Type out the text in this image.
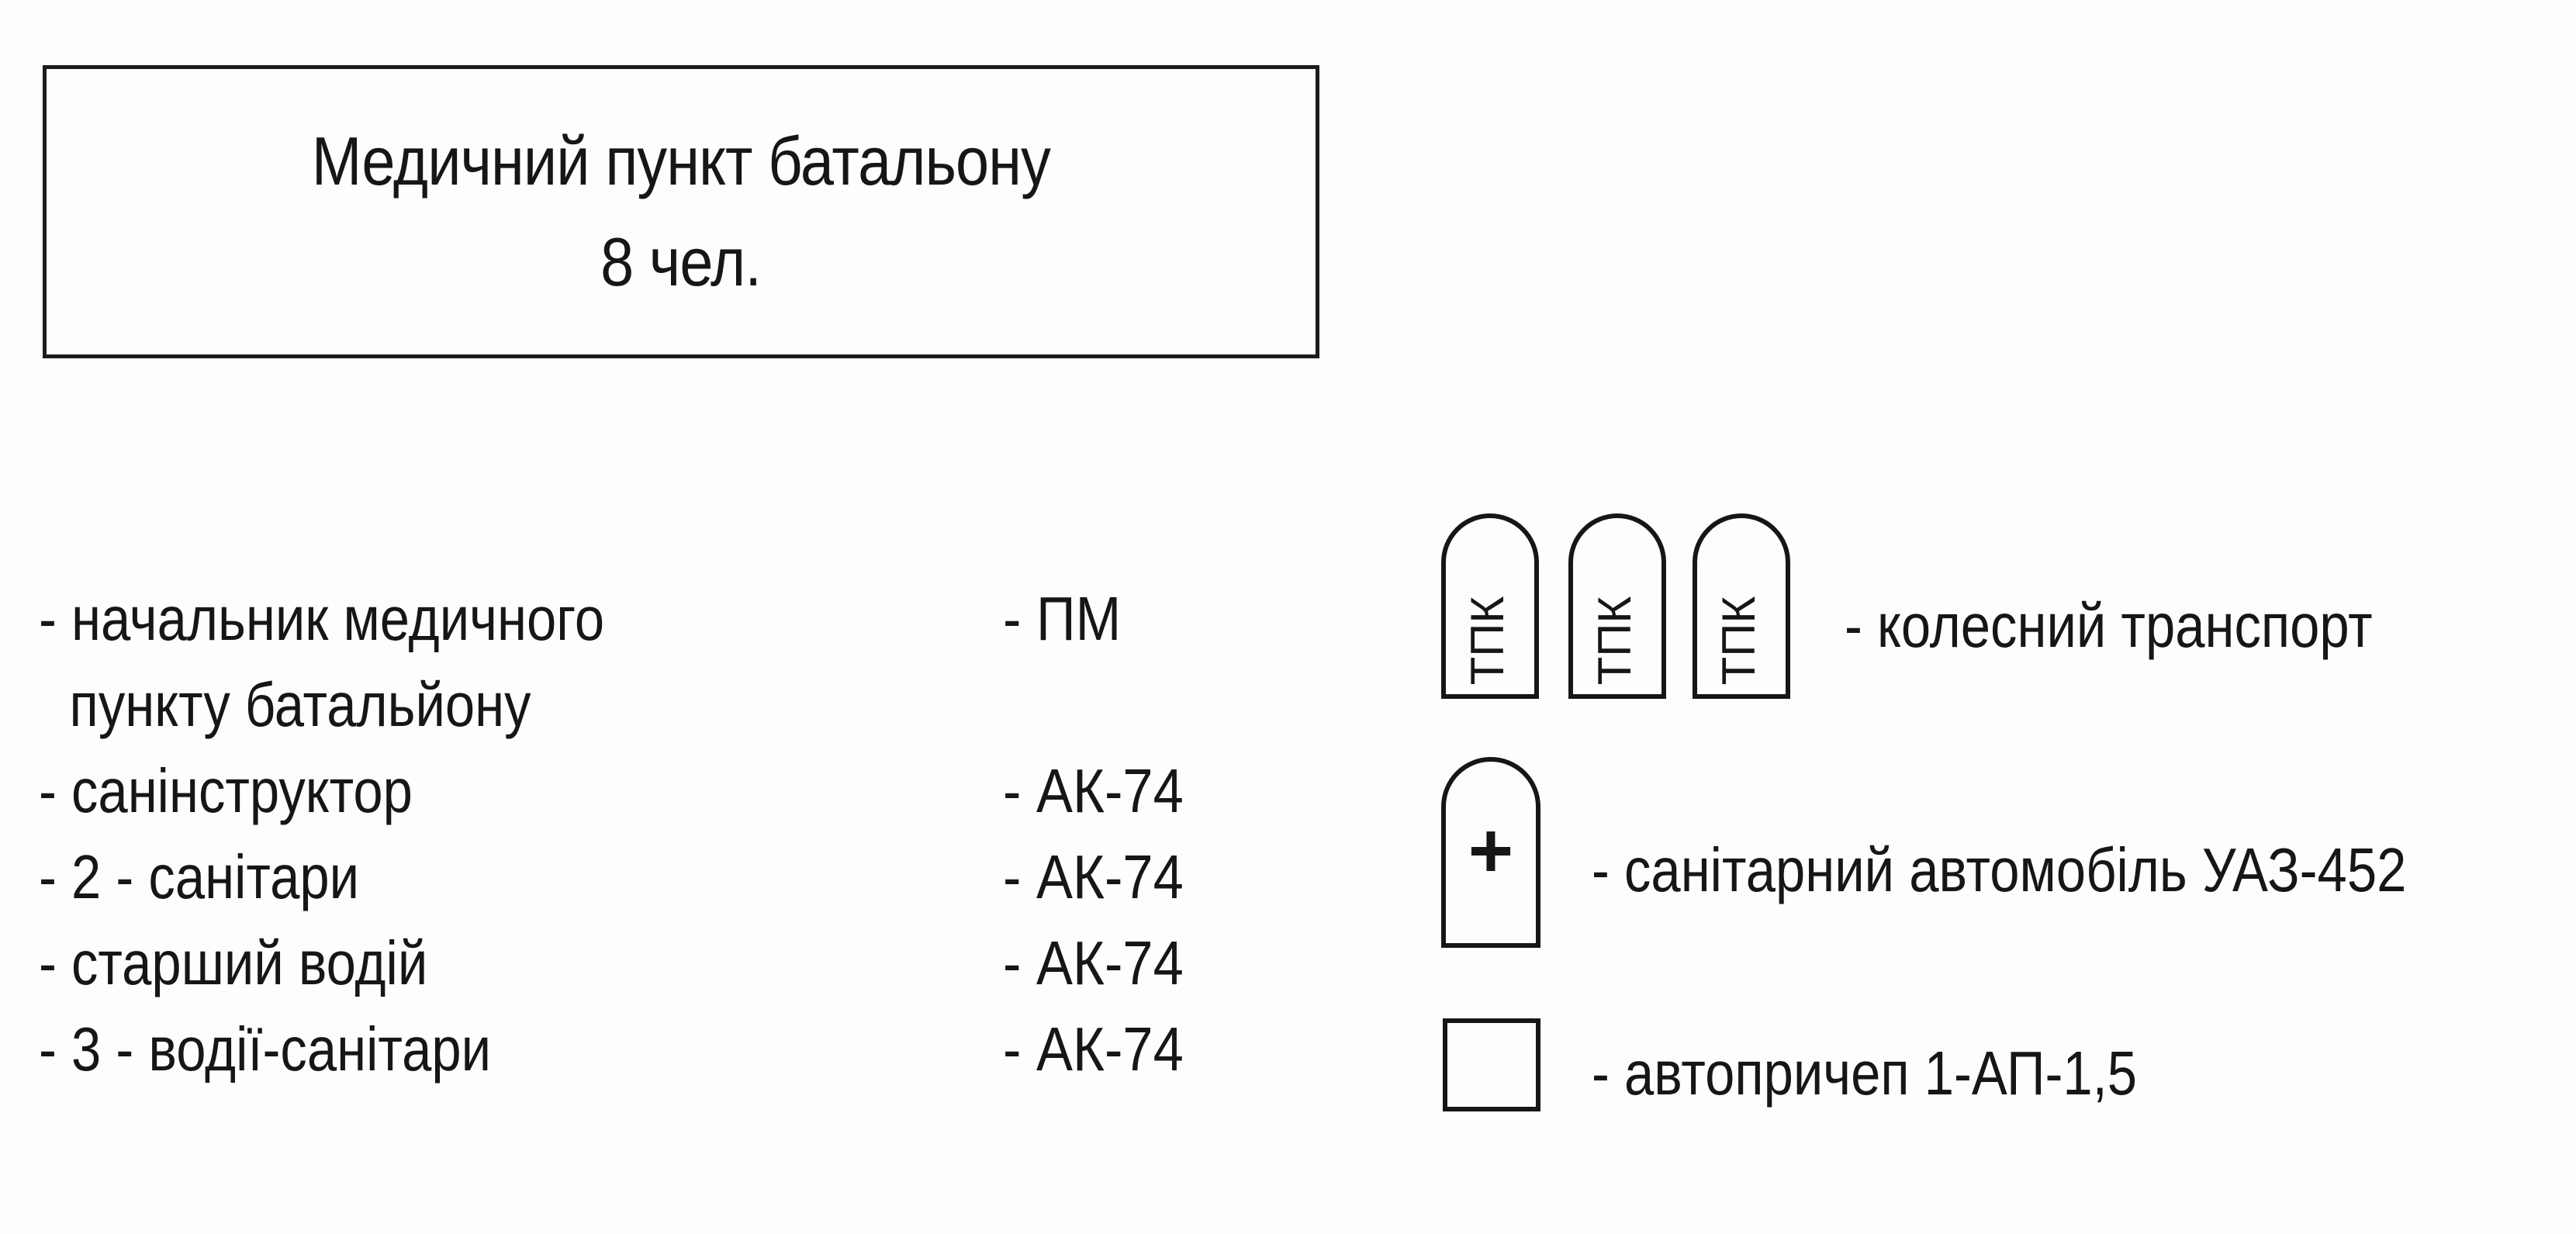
Медичний пункт батальону
8 чел.
- начальник медичного	- ПМ
пункту батальйону
- санінструктор	- АК-74
- 2 - санітари	- АК-74
- старший водій	- АК-74
- 3 - водії-санітари	- АК-74
ТПК ТПК ТПК - колесний транспорт
+ - санітарний автомобіль УАЗ-452
- автопричеп 1-АП-1,5
